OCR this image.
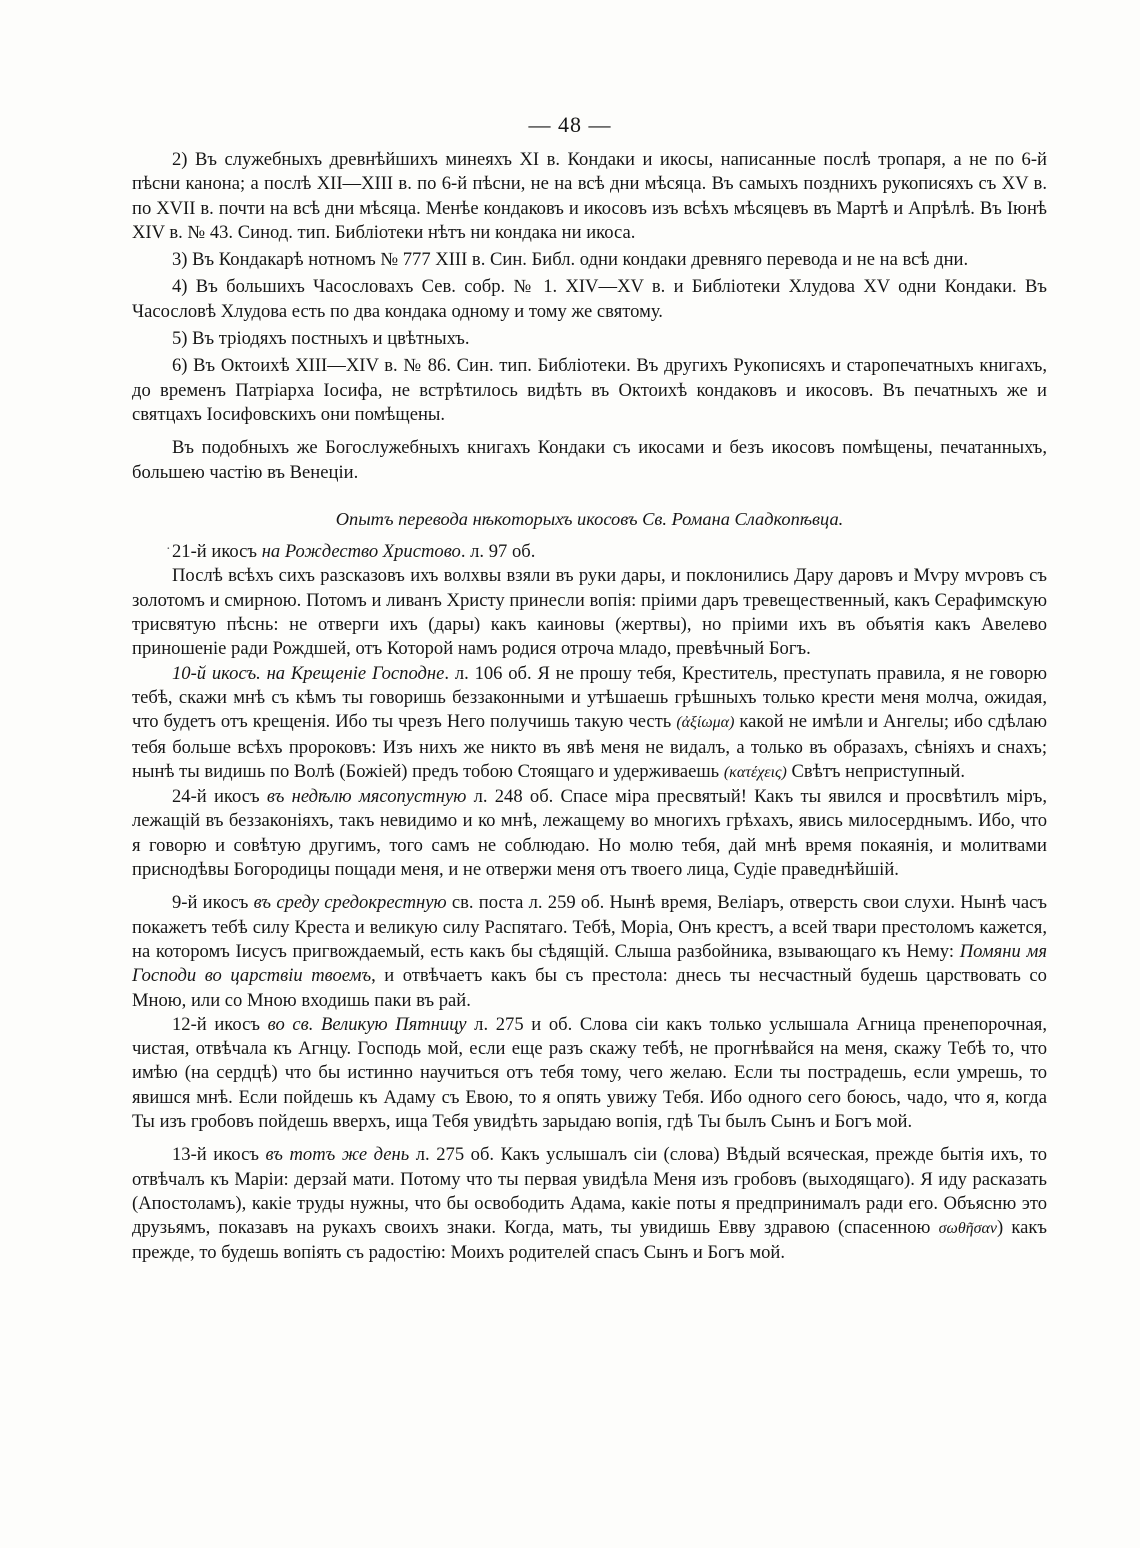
— 48 —
·

2) Въ служебныхъ древнѣйшихъ минеяхъ XI в. Кондаки и икосы, написанные послѣ тропаря, а не по 6-й пѣсни канона; а послѣ XII—XIII в. по 6-й пѣсни, не на всѣ дни мѣсяца. Въ самыхъ позднихъ рукописяхъ съ XV в. по XVII в. почти на всѣ дни мѣсяца. Менѣе кондаковъ и икосовъ изъ всѣхъ мѣсяцевъ въ Мартѣ и Апрѣлѣ. Въ Іюнѣ XIV в. № 43. Синод. тип. Библіотеки нѣтъ ни кондака ни икоса.

3) Въ Кондакарѣ нотномъ № 777 XIII в. Син. Библ. одни кондаки древняго перевода и не на всѣ дни.

4) Въ большихъ Часословахъ Сев. собр. № 1. XIV—XV в. и Библіотеки Хлудова XV одни Кондаки. Въ Часословѣ Хлудова есть по два кондака одному и тому же святому.

5) Въ тріодяхъ постныхъ и цвѣтныхъ.

6) Въ Октоихѣ XIII—XIV в. № 86. Син. тип. Библіотеки. Въ другихъ Рукописяхъ и старопечатныхъ книгахъ, до временъ Патріарха Іосифа, не встрѣтилось видѣть въ Октоихѣ кондаковъ и икосовъ. Въ печатныхъ же и святцахъ Іосифовскихъ они помѣщены.

Въ подобныхъ же Богослужебныхъ книгахъ Кондаки съ икосами и безъ икосовъ помѣщены, печатанныхъ, большею частію въ Венеціи.

Опытъ перевода нѣкоторыхъ икосовъ Св. Романа Сладкопѣвца.

21-й икосъ на Рождество Христово. л. 97 об.

Послѣ всѣхъ сихъ разсказовъ ихъ волхвы взяли въ руки дары, и поклонились Дару даровъ и Мѵру мѵровъ съ золотомъ и смирною. Потомъ и ливанъ Христу принесли вопія: пріими даръ тревещественный, какъ Серафимскую трисвятую пѣснь: не отверги ихъ (дары) какъ каиновы (жертвы), но пріими ихъ въ объятія какъ Авелево приношеніе ради Рождшей, отъ Которой намъ родися отроча младо, превѣчный Богъ.

10-й икосъ. на Крещеніе Господне. л. 106 об. Я не прошу тебя, Креститель, преступать правила, я не говорю тебѣ, скажи мнѣ съ кѣмъ ты говоришь беззаконными и утѣшаешь грѣшныхъ только крести меня молча, ожидая, что будетъ отъ крещенія. Ибо ты чрезъ Него получишь такую честь (ἀξίωμα) какой не имѣли и Ангелы; ибо сдѣлаю тебя больше всѣхъ пророковъ: Изъ нихъ же никто въ явѣ меня не видалъ, а только въ образахъ, сѣніяхъ и снахъ; нынѣ ты видишь по Волѣ (Божіей) предъ тобою Стоящаго и удерживаешь (κατέχεις) Свѣтъ неприступный.

24-й икосъ въ недѣлю мясопустную л. 248 об. Спасе міра пресвятый! Какъ ты явился и просвѣтилъ міръ, лежащій въ беззаконіяхъ, такъ невидимо и ко мнѣ, лежащему во многихъ грѣхахъ, явись милосерднымъ. Ибо, что я говорю и совѣтую другимъ, того самъ не соблюдаю. Но молю тебя, дай мнѣ время покаянія, и молитвами приснодѣвы Богородицы пощади меня, и не отвержи меня отъ твоего лица, Судіе праведнѣйшій.

9-й икосъ въ среду средокрестную св. поста л. 259 об. Нынѣ время, Веліаръ, отверсть свои слухи. Нынѣ часъ покажетъ тебѣ силу Креста и великую силу Распятаго. Тебѣ, Моріа, Онъ крестъ, а всей твари престоломъ кажется, на которомъ Іисусъ пригвождаемый, есть какъ бы сѣдящій. Слыша разбойника, взывающаго къ Нему: Помяни мя Господи во царствіи твоемъ, и отвѣчаетъ какъ бы съ престола: днесь ты несчастный будешь царствовать со Мною, или со Мною входишь паки въ рай.

12-й икосъ во св. Великую Пятницу л. 275 и об. Слова сіи какъ только услышала Агница пренепорочная, чистая, отвѣчала къ Агнцу. Господь мой, если еще разъ скажу тебѣ, не прогнѣвайся на меня, скажу Тебѣ то, что имѣю (на сердцѣ) что бы истинно научиться отъ тебя тому, чего желаю. Если ты пострадешь, если умрешь, то явишся мнѣ. Если пойдешь къ Адаму съ Евою, то я опять увижу Тебя. Ибо одного сего боюсь, чадо, что я, когда Ты изъ гробовъ пойдешь вверхъ, ища Тебя увидѣть зарыдаю вопія, гдѣ Ты былъ Сынъ и Богъ мой.

13-й икосъ въ тотъ же день л. 275 об. Какъ услышалъ сіи (слова) Вѣдый всяческая, прежде бытія ихъ, то отвѣчалъ къ Маріи: дерзай мати. Потому что ты первая увидѣла Меня изъ гробовъ (выходящаго). Я иду расказать (Апостоламъ), какіе труды нужны, что бы освободить Адама, какіе поты я предпринималъ ради его. Объясню это друзьямъ, показавъ на рукахъ своихъ знаки. Когда, мать, ты увидишь Евву здравою (спасенною σωθῆσαν) какъ прежде, то будешь вопіять съ радостію: Моихъ родителей спасъ Сынъ и Богъ мой.
